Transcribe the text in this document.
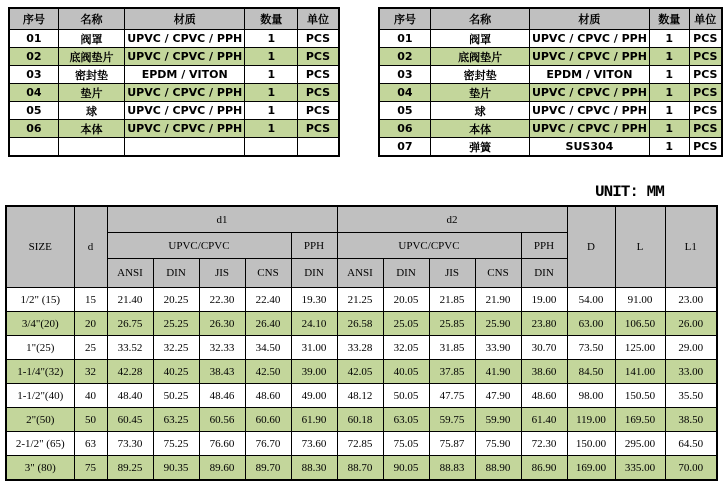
序号	名称	材质	数量	单位
01	阀罩	UPVC / CPVC / PPH	1	PCS
02	底阀垫片	UPVC / CPVC / PPH	1	PCS
03	密封垫	EPDM / VITON	1	PCS
04	垫片	UPVC / CPVC / PPH	1	PCS
05	球	UPVC / CPVC / PPH	1	PCS
06	本体	UPVC / CPVC / PPH	1	PCS

序号	名称	材质	数量	单位
01	阀罩	UPVC / CPVC / PPH	1	PCS
02	底阀垫片	UPVC / CPVC / PPH	1	PCS
03	密封垫	EPDM / VITON	1	PCS
04	垫片	UPVC / CPVC / PPH	1	PCS
05	球	UPVC / CPVC / PPH	1	PCS
06	本体	UPVC / CPVC / PPH	1	PCS
07	弹簧	SUS304	1	PCS
UNIT: MM
SIZE	d	d1					d2					D	L	L1
		UPVC/CPVC				PPH	UPVC/CPVC				PPH			
		ANSI	DIN	JIS	CNS	DIN	ANSI	DIN	JIS	CNS	DIN			
1/2" (15)	15	21.40	20.25	22.30	22.40	19.30	21.25	20.05	21.85	21.90	19.00	54.00	91.00	23.00
3/4"(20)	20	26.75	25.25	26.30	26.40	24.10	26.58	25.05	25.85	25.90	23.80	63.00	106.50	26.00
1"(25)	25	33.52	32.25	32.33	34.50	31.00	33.28	32.05	31.85	33.90	30.70	73.50	125.00	29.00
1-1/4"(32)	32	42.28	40.25	38.43	42.50	39.00	42.05	40.05	37.85	41.90	38.60	84.50	141.00	33.00
1-1/2"(40)	40	48.40	50.25	48.46	48.60	49.00	48.12	50.05	47.75	47.90	48.60	98.00	150.50	35.50
2"(50)	50	60.45	63.25	60.56	60.60	61.90	60.18	63.05	59.75	59.90	61.40	119.00	169.50	38.50
2-1/2" (65)	63	73.30	75.25	76.60	76.70	73.60	72.85	75.05	75.87	75.90	72.30	150.00	295.00	64.50
3" (80)	75	89.25	90.35	89.60	89.70	88.30	88.70	90.05	88.83	88.90	86.90	169.00	335.00	70.00
